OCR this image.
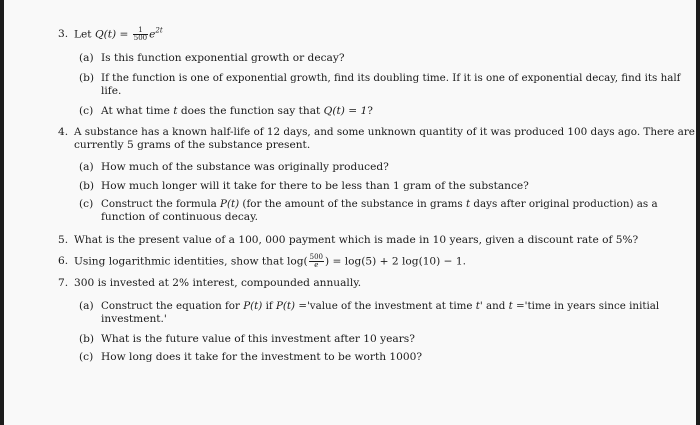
3. Let $Q(t) = \frac{1}{500} e^{2t}$
(a) Is this function exponential growth or decay?
(b) If the function is one of exponential growth, find its doubling time. If it is one of exponential decay, find its half
life.
(c) At what time t does the function say that Q(t) = 1?
4. A substance has a known half-life of 12 days, and some unknown quantity of it was produced 100 days ago. There are
currently 5 grams of the substance present.
(a) How much of the substance was originally produced?
(b) How much longer will it take for there to be less than 1 gram of the substance?
(c) Construct the formula P(t) (for the amount of the substance in grams t days after original production) as a
function of continuous decay.
5. What is the present value of a 100, 000 payment which is made in 10 years, given a discount rate of 5%?
6. Using logarithmic identities, show that $\log( \frac{500}{e}$ ) = log(5) + 2 log(10) − 1.
7. 300 is invested at 2% interest, compounded annually.
(a) Construct the equation for P(t) if P(t) ='value of the investment at time t' and t ='time in years since initial
investment.'
(b) What is the future value of this investment after 10 years?
(c) How long does it take for the investment to be worth 1000?
